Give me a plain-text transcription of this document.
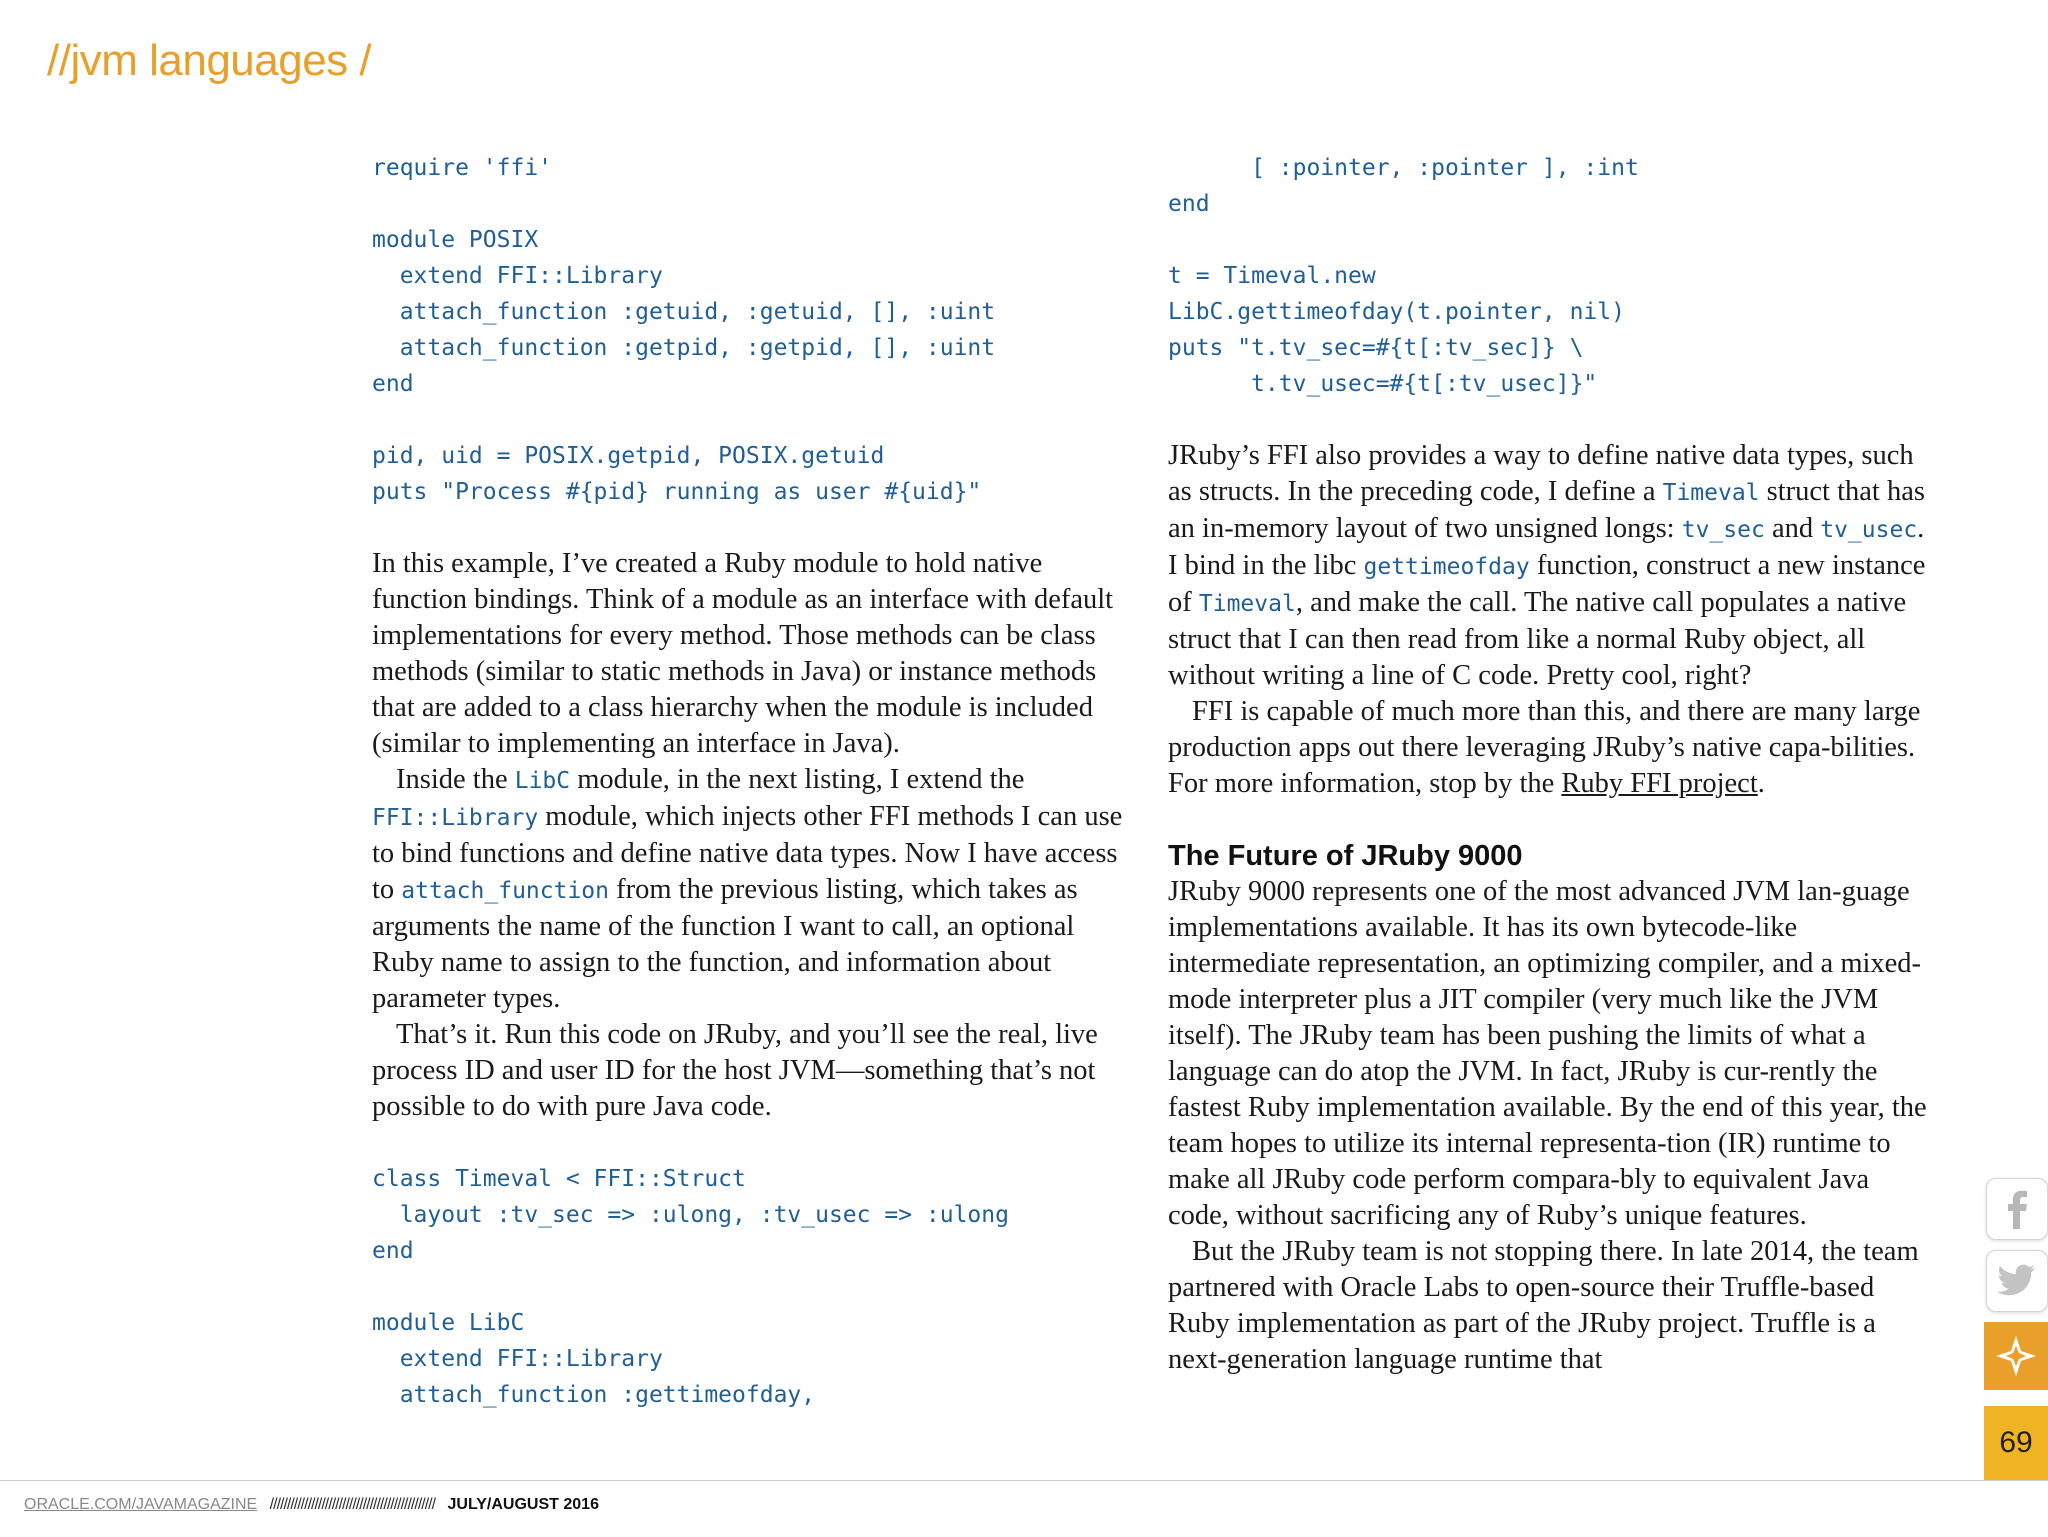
//jvm languages /
require 'ffi'

module POSIX
extend FFI::Library
attach_function :getuid, :getuid, [], :uint
attach_function :getpid, :getpid, [], :uint
end

pid, uid = POSIX.getpid, POSIX.getuid
puts "Process #{pid} running as user #{uid}"

In this example, I’ve created a Ruby module to hold native function bindings. Think of a module as an interface with default implementations for every method. Those methods can be class methods (similar to static methods in Java) or instance methods that are added to a class hierarchy when the module is included (similar to implementing an interface in Java).

Inside the LibC module, in the next listing, I extend the FFI::Library module, which injects other FFI methods I can use to bind functions and define native data types. Now I have access to attach_function from the previous listing, which takes as arguments the name of the function I want to call, an optional Ruby name to assign to the function, and information about parameter types.

That’s it. Run this code on JRuby, and you’ll see the real, live process ID and user ID for the host JVM—something that’s not possible to do with pure Java code.

class Timeval < FFI::Struct
layout :tv_sec => :ulong, :tv_usec => :ulong
end

module LibC
extend FFI::Library
attach_function :gettimeofday,
[ :pointer, :pointer ], :int
end

t = Timeval.new
LibC.gettimeofday(t.pointer, nil)
puts "t.tv_sec=#{t[:tv_sec]} \
t.tv_usec=#{t[:tv_usec]}"

JRuby’s FFI also provides a way to define native data types, such as structs. In the preceding code, I define a Timeval struct that has an in-memory layout of two unsigned longs: tv_sec and tv_usec. I bind in the libc gettimeofday function, construct a new instance of Timeval, and make the call. The native call populates a native struct that I can then read from like a normal Ruby object, all without writing a line of C code. Pretty cool, right?

FFI is capable of much more than this, and there are many large production apps out there leveraging JRuby’s native capa-bilities. For more information, stop by the Ruby FFI project.

The Future of JRuby 9000

JRuby 9000 represents one of the most advanced JVM lan-guage implementations available. It has its own bytecode-like intermediate representation, an optimizing compiler, and a mixed-mode interpreter plus a JIT compiler (very much like the JVM itself). The JRuby team has been pushing the limits of what a language can do atop the JVM. In fact, JRuby is cur-rently the fastest Ruby implementation available. By the end of this year, the team hopes to utilize its internal representa-tion (IR) runtime to make all JRuby code perform compara-bly to equivalent Java code, without sacrificing any of Ruby’s unique features.

But the JRuby team is not stopping there. In late 2014, the team partnered with Oracle Labs to open-source their Truffle-based Ruby implementation as part of the JRuby project. Truffle is a next-generation language runtime that

69
ORACLE.COM/JAVAMAGAZINE //////////////////////////////////////////////// JULY/AUGUST 2016
